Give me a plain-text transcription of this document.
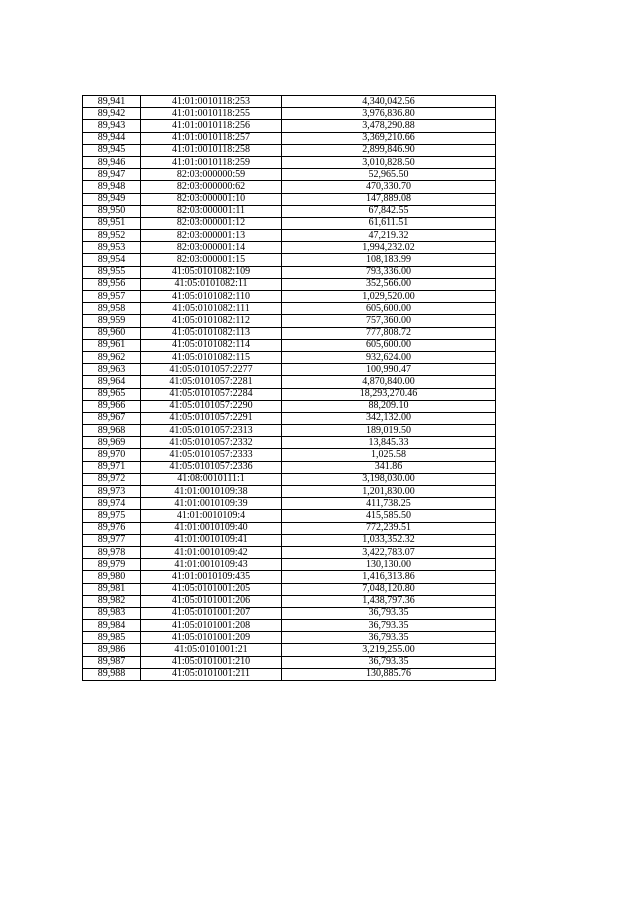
89,941	41:01:0010118:253	4,340,042.56
89,942	41:01:0010118:255	3,976,836.80
89,943	41:01:0010118:256	3,478,290.88
89,944	41:01:0010118:257	3,369,210.66
89,945	41:01:0010118:258	2,899,846.90
89,946	41:01:0010118:259	3,010,828.50
89,947	82:03:000000:59	52,965.50
89,948	82:03:000000:62	470,330.70
89,949	82:03:000001:10	147,889.08
89,950	82:03:000001:11	67,842.55
89,951	82:03:000001:12	61,611.51
89,952	82:03:000001:13	47,219.32
89,953	82:03:000001:14	1,994,232.02
89,954	82:03:000001:15	108,183.99
89,955	41:05:0101082:109	793,336.00
89,956	41:05:0101082:11	352,566.00
89,957	41:05:0101082:110	1,029,520.00
89,958	41:05:0101082:111	605,600.00
89,959	41:05:0101082:112	757,360.00
89,960	41:05:0101082:113	777,808.72
89,961	41:05:0101082:114	605,600.00
89,962	41:05:0101082:115	932,624.00
89,963	41:05:0101057:2277	100,990.47
89,964	41:05:0101057:2281	4,870,840.00
89,965	41:05:0101057:2284	18,293,270.46
89,966	41:05:0101057:2290	88,209.10
89,967	41:05:0101057:2291	342,132.00
89,968	41:05:0101057:2313	189,019.50
89,969	41:05:0101057:2332	13,845.33
89,970	41:05:0101057:2333	1,025.58
89,971	41:05:0101057:2336	341.86
89,972	41:08:0010111:1	3,198,030.00
89,973	41:01:0010109:38	1,201,830.00
89,974	41:01:0010109:39	411,738.25
89,975	41:01:0010109:4	415,585.50
89,976	41:01:0010109:40	772,239.51
89,977	41:01:0010109:41	1,033,352.32
89,978	41:01:0010109:42	3,422,783.07
89,979	41:01:0010109:43	130,130.00
89,980	41:01:0010109:435	1,416,313.86
89,981	41:05:0101001:205	7,048,120.80
89,982	41:05:0101001:206	1,438,797.36
89,983	41:05:0101001:207	36,793.35
89,984	41:05:0101001:208	36,793.35
89,985	41:05:0101001:209	36,793.35
89,986	41:05:0101001:21	3,219,255.00
89,987	41:05:0101001:210	36,793.35
89,988	41:05:0101001:211	130,885.76
